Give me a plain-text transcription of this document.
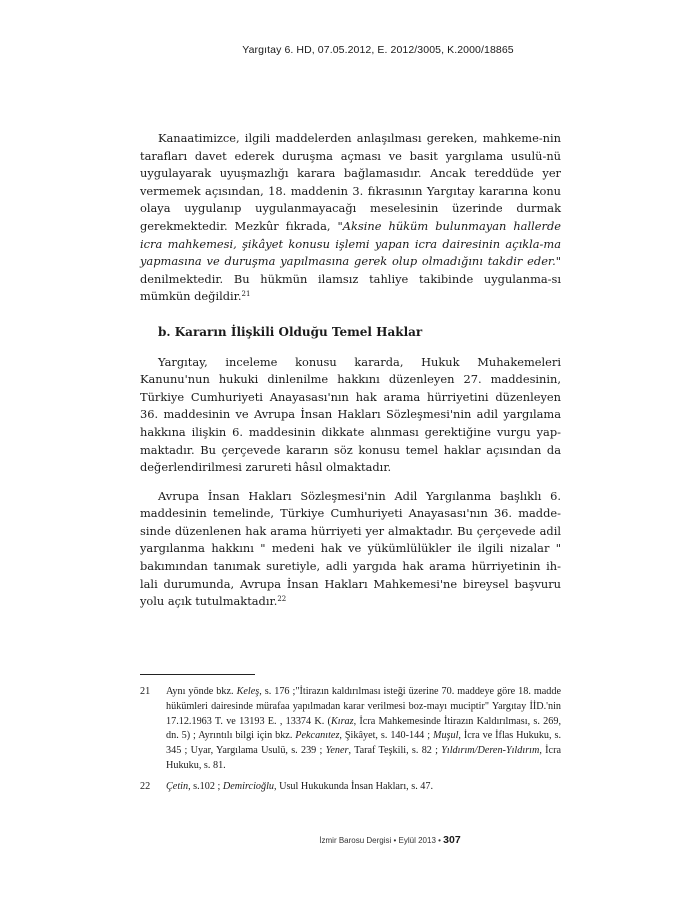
Yargıtay 6. HD, 07.05.2012, E. 2012/3005, K.2000/18865

Kanaatimizce, ilgili maddelerden anlaşılması gereken, mahkeme-nin tarafları davet ederek duruşma açması ve basit yargılama usulü-nü uygulayarak uyuşmazlığı karara bağlamasıdır. Ancak tereddüde yer vermemek açısından, 18. maddenin 3. fıkrasının Yargıtay kararına konu olaya uygulanıp uygulanmayacağı meselesinin üzerinde durmak gerekmektedir. Mezkûr fıkrada, "Aksine hüküm bulunmayan hallerde icra mahkemesi, şikâyet konusu işlemi yapan icra dairesinin açıkla-ma yapmasına ve duruşma yapılmasına gerek olup olmadığını takdir eder." denilmektedir. Bu hükmün ilamsız tahliye takibinde uygulanma-sı mümkün değildir.$^{21}$

b. Kararın İlişkili Olduğu Temel Haklar

Yargıtay, inceleme konusu kararda, Hukuk Muhakemeleri Kanunu'nun hukuki dinlenilme hakkını düzenleyen 27. maddesinin, Türkiye Cumhuriyeti Anayasası'nın hak arama hürriyetini düzenleyen 36. maddesinin ve Avrupa İnsan Hakları Sözleşmesi'nin adil yargılama hakkına ilişkin 6. maddesinin dikkate alınması gerektiğine vurgu yap-maktadır. Bu çerçevede kararın söz konusu temel haklar açısından da değerlendirilmesi zarureti hâsıl olmaktadır.

Avrupa İnsan Hakları Sözleşmesi'nin Adil Yargılanma başlıklı 6. maddesinin temelinde, Türkiye Cumhuriyeti Anayasası'nın 36. madde-sinde düzenlenen hak arama hürriyeti yer almaktadır. Bu çerçevede adil yargılanma hakkını " medeni hak ve yükümlülükler ile ilgili nizalar " bakımından tanımak suretiyle, adli yargıda hak arama hürriyetinin ih-lali durumunda, Avrupa İnsan Hakları Mahkemesi'ne bireysel başvuru yolu açık tutulmaktadır.$^{22}$

21	Aynı yönde bkz. Keleş, s. 176 ;"İtirazın kaldırılması isteği üzerine 70. maddeye göre 18. madde hükümleri dairesinde mürafaa yapılmadan karar verilmesi boz-mayı muciptir" Yargıtay İİD.'nin 17.12.1963 T. ve 13193 E. , 13374 K. (Kıraz, İcra Mahkemesinde İtirazın Kaldırılması, s. 269, dn. 5) ; Ayrıntılı bilgi için bkz. Pekcanıtez, Şikâyet, s. 140-144 ; Muşul, İcra ve İflas Hukuku, s. 345 ; Uyar, Yargılama Usulü, s. 239 ; Yener, Taraf Teşkili, s. 82 ; Yıldırım/Deren-Yıldırım, İcra Hukuku, s. 81.
22	Çetin, s.102 ; Demircioğlu, Usul Hukukunda İnsan Hakları, s. 47.
İzmir Barosu Dergisi • Eylül 2013 • 307
